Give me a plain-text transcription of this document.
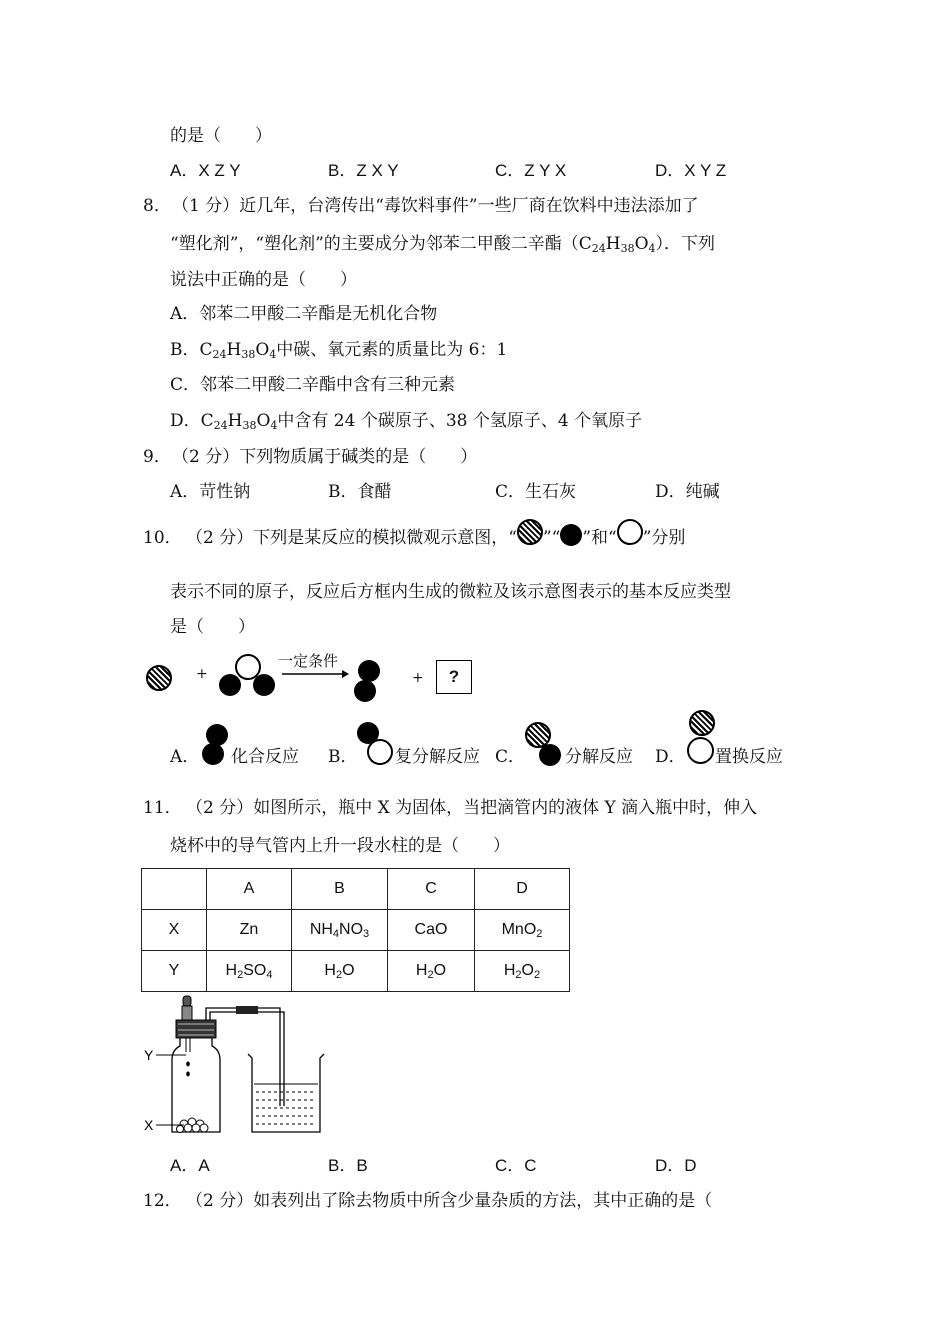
的是（　　）
A．X Z Y	B．Z X Y	C．Z Y X	D．X Y Z
8． （1 分）近几年，台湾传出“毒饮料事件”一些厂商在饮料中违法添加了
“塑化剂”，“塑化剂”的主要成分为邻苯二甲酸二辛酯$(C_{24}H_{38}O_4)$．下列
说法中正确的是（　　）
A．邻苯二甲酸二辛酯是无机化合物
B．$C_{24}H_{38}O_4$中碳、氧元素的质量比为 6：1
C．邻苯二甲酸二辛酯中含有三种元素
D．$C_{24}H_{38}O_4$中含有 24 个碳原子、38 个氢原子、4 个氧原子
9． （2 分）下列物质属于碱类的是（　　）
A．苛性钠	B．食醋	C．生石灰	D．纯碱
10． （2 分）下列是某反应的模拟微观示意图，“ ”“ ”和“ ”分别
表示不同的原子，反应后方框内生成的微粒及该示意图表示的基本反应类型
是（　　）
+
一定条件
+	?
A． 化合反应 B． 复分解反应 C． 分解反应 D． 置换反应
11． （2 分）如图所示，瓶中 X 为固体，当把滴管内的液体 Y 滴入瓶中时，伸入
烧杯中的导气管内上升一段水柱的是（　　）
	A	B	C	D
X	Zn	$NH_4NO_3$	CaO	MnO$_2$
Y	$H_2SO_4$	$H_2O$	$H_2O$	$H_2O_2$
Y
X
A．A	B．B	C．C	D．D
12． （2 分）如表列出了除去物质中所含少量杂质的方法，其中正确的是（
